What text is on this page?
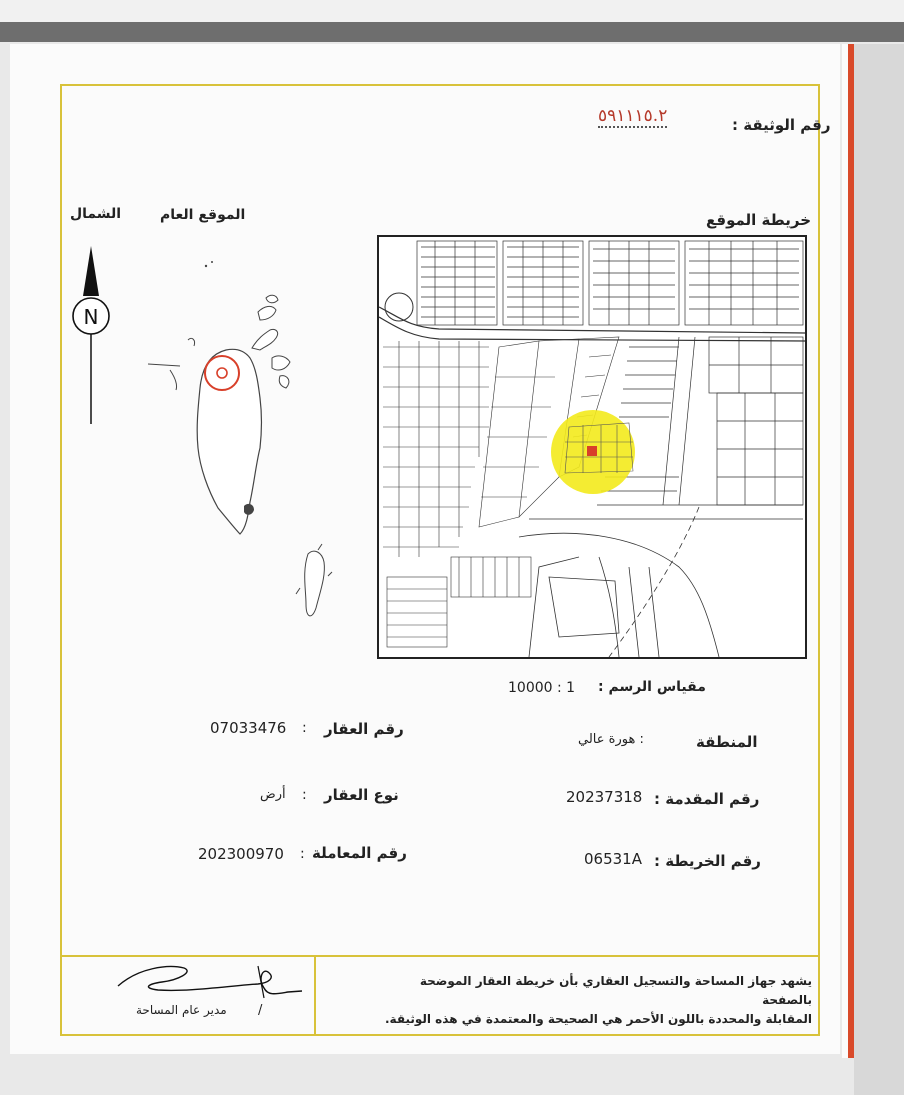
رقم الوثيقة :
٥٩١١١٥.٢
خريطة الموقع
الموقع العام
الشمال
N
مقياس الرسم :
10000 : 1
المنطقة
: هورة عالي
رقم المقدمة :
20237318
رقم الخريطة :
06531A
رقم العقار
:
07033476
نوع العقار
:
أرض
رقم المعاملة
:
202300970
يشهد جهاز المساحة والتسجيل العقاري بأن خريطة العقار الموضحة بالصفحة
المقابلة والمحددة باللون الأحمر هي الصحيحة والمعتمدة في هذه الوثيقة.
مدير عام المساحة /
